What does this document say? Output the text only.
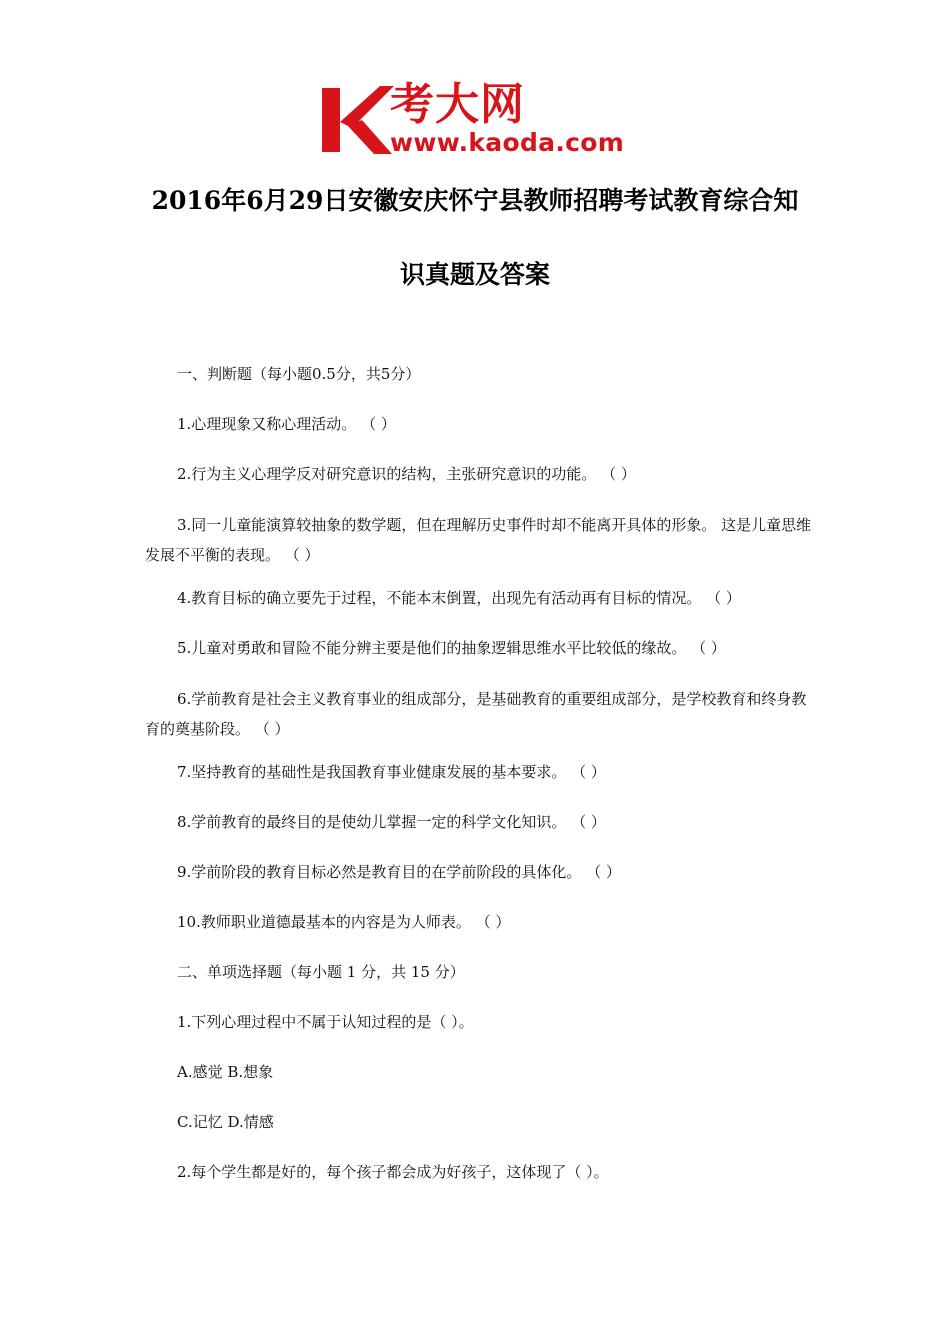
考大网
www.kaoda.com
2016年6月29日安徽安庆怀宁县教师招聘考试教育综合知
识真题及答案
一、判断题（每小题0.5分，共5分）
1.心理现象又称心理活动。 （ ）
2.行为主义心理学反对研究意识的结构，主张研究意识的功能。 （ ）
3.同一儿童能演算较抽象的数学题，但在理解历史事件时却不能离开具体的形象。 这是儿童思维发展不平衡的表现。 （ ）
4.教育目标的确立要先于过程，不能本末倒置，出现先有活动再有目标的情况。 （ ）
5.儿童对勇敢和冒险不能分辨主要是他们的抽象逻辑思维水平比较低的缘故。 （ ）
6.学前教育是社会主义教育事业的组成部分，是基础教育的重要组成部分，是学校教育和终身教育的奠基阶段。 （ ）
7.坚持教育的基础性是我国教育事业健康发展的基本要求。 （ ）
8.学前教育的最终目的是使幼儿掌握一定的科学文化知识。 （ ）
9.学前阶段的教育目标必然是教育目的在学前阶段的具体化。 （ ）
10.教师职业道德最基本的内容是为人师表。 （ ）
二、单项选择题（每小题 1 分，共 15 分）
1.下列心理过程中不属于认知过程的是（ ）。
A.感觉 B.想象
C.记忆 D.情感
2.每个学生都是好的，每个孩子都会成为好孩子，这体现了（ ）。
